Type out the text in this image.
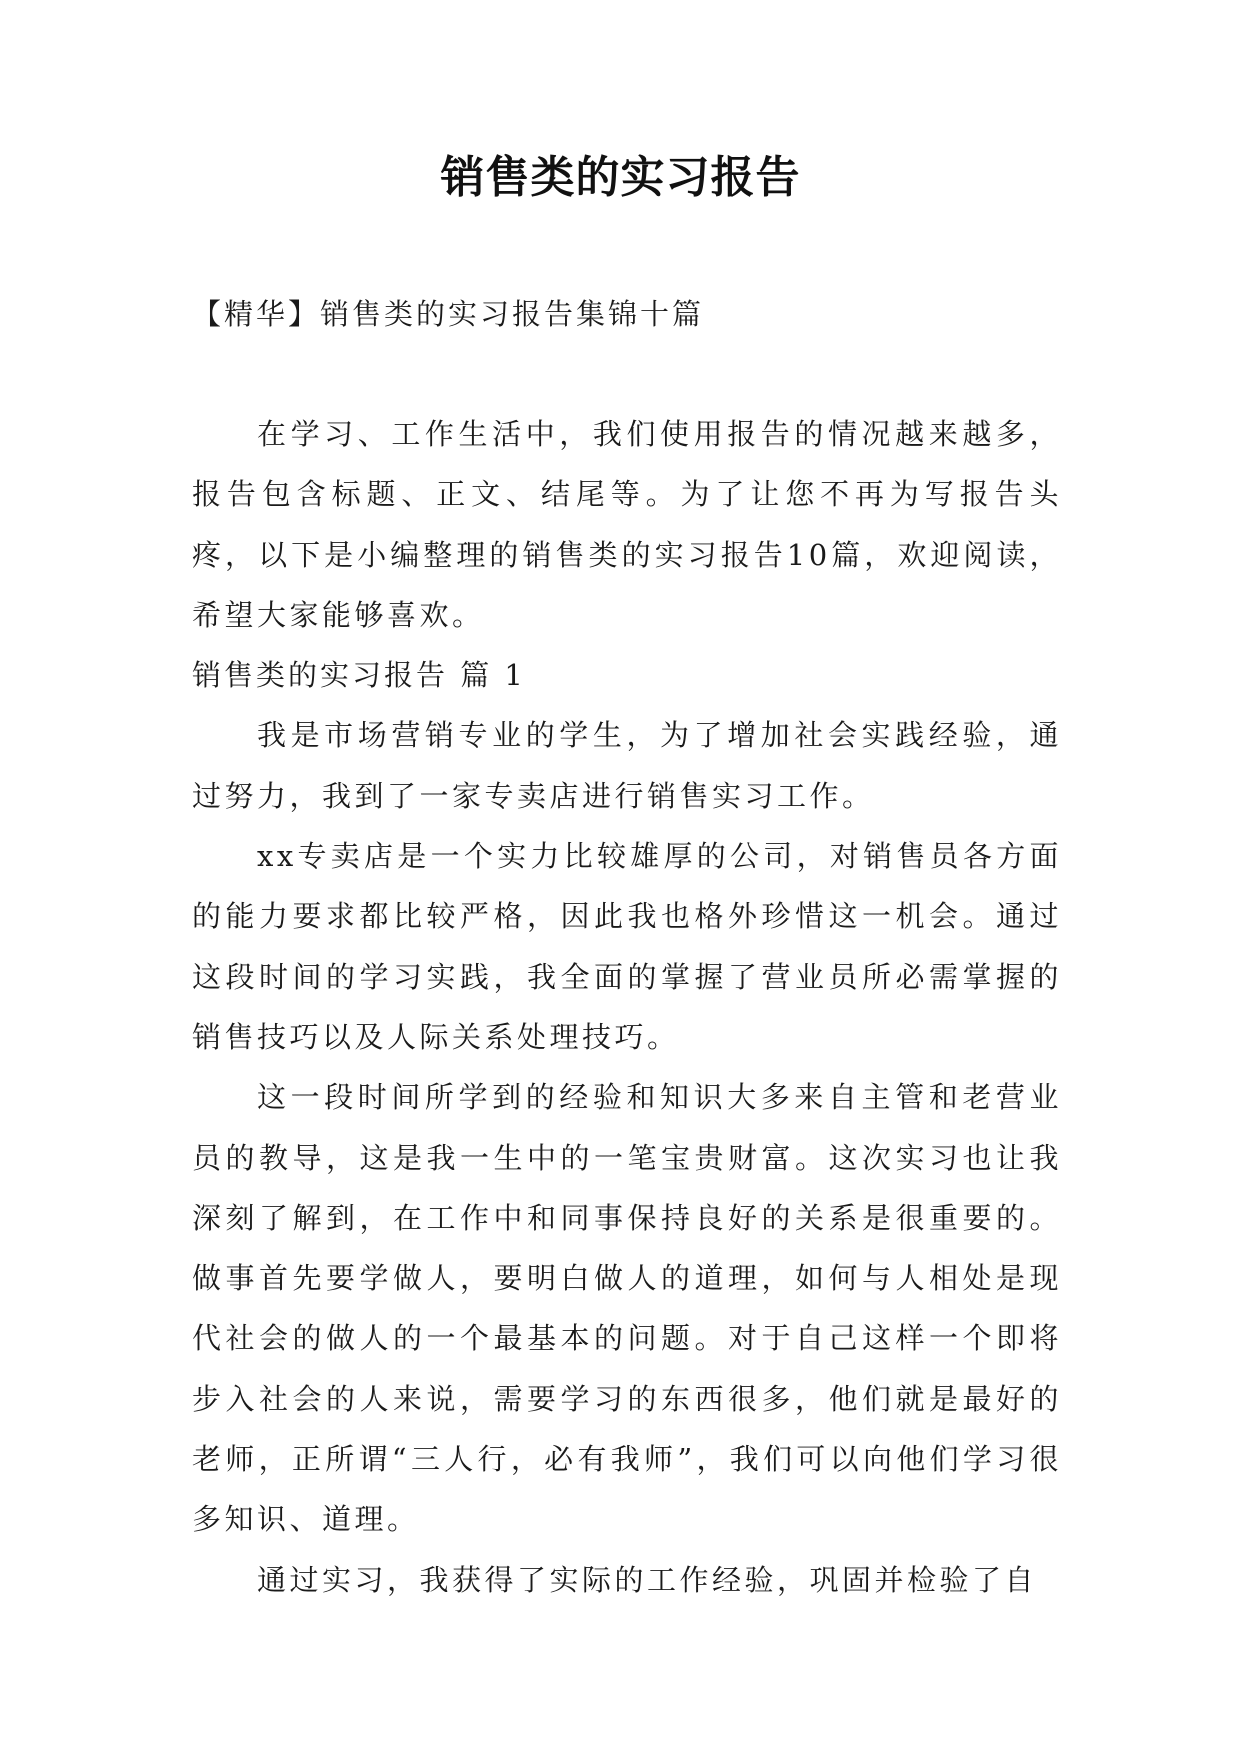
销售类的实习报告
【精华】销售类的实习报告集锦十篇

在学习、工作生活中，我们使用报告的情况越来越多，报告包含标题、正文、结尾等。为了让您不再为写报告头疼，以下是小编整理的销售类的实习报告10篇，欢迎阅读，希望大家能够喜欢。

销售类的实习报告 篇 1

我是市场营销专业的学生，为了增加社会实践经验，通过努力，我到了一家专卖店进行销售实习工作。

xx专卖店是一个实力比较雄厚的公司，对销售员各方面的能力要求都比较严格，因此我也格外珍惜这一机会。通过这段时间的学习实践，我全面的掌握了营业员所必需掌握的销售技巧以及人际关系处理技巧。

这一段时间所学到的经验和知识大多来自主管和老营业员的教导，这是我一生中的一笔宝贵财富。这次实习也让我深刻了解到，在工作中和同事保持良好的关系是很重要的。做事首先要学做人，要明白做人的道理，如何与人相处是现代社会的做人的一个最基本的问题。对于自己这样一个即将步入社会的人来说，需要学习的东西很多，他们就是最好的老师，正所谓“三人行，必有我师”，我们可以向他们学习很多知识、道理。

通过实习，我获得了实际的工作经验，巩固并检验了自
